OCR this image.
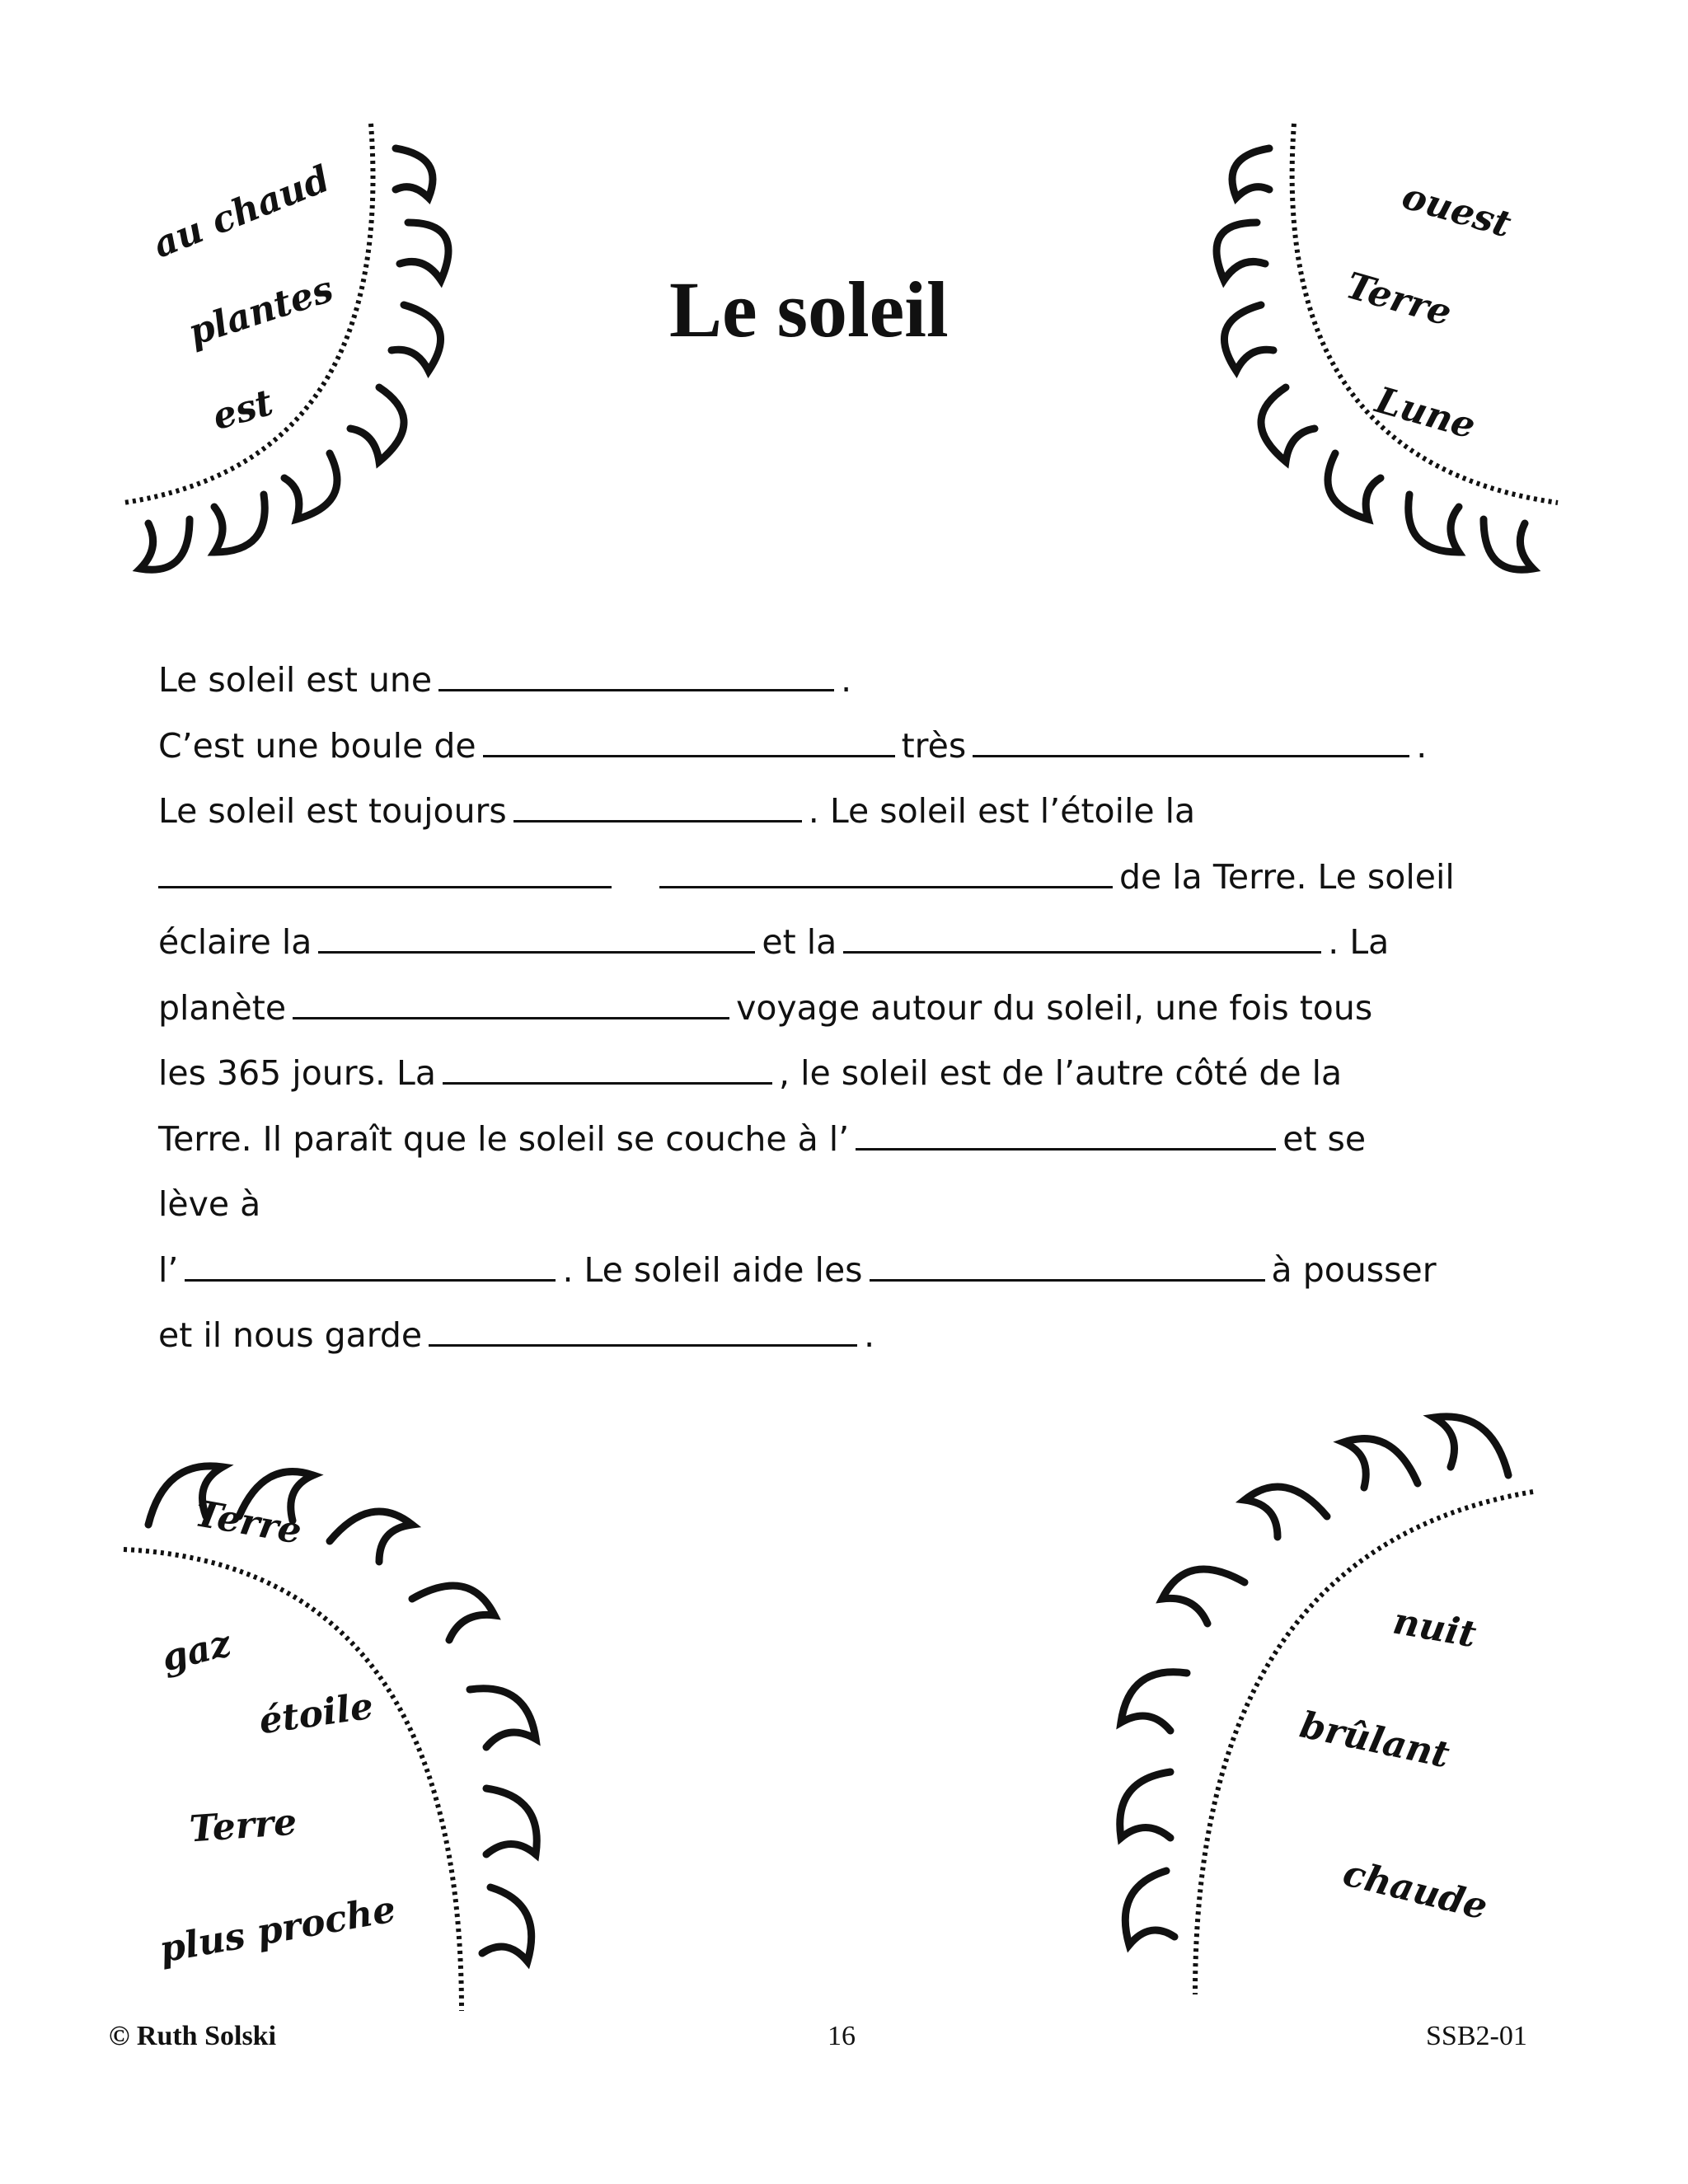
au chaud
plantes
est
ouest
Terre
Lune
Terre
gaz
étoile
Terre
plus proche
nuit
brûlant
chaude
Le soleil
Le soleil est une	.
C’est une boule de	très	.
Le soleil est toujours	. Le soleil est l’étoile la
de la Terre. Le soleil
éclaire la	et la	. La
planète	voyage autour du soleil, une fois tous
les 365 jours. La	, le soleil est de l’autre côté de la
Terre. Il paraît que le soleil se couche à l’	et se
lève à
l’	. Le soleil aide les	à pousser
et il nous garde	.
© Ruth Solski	16	SSB2-01
